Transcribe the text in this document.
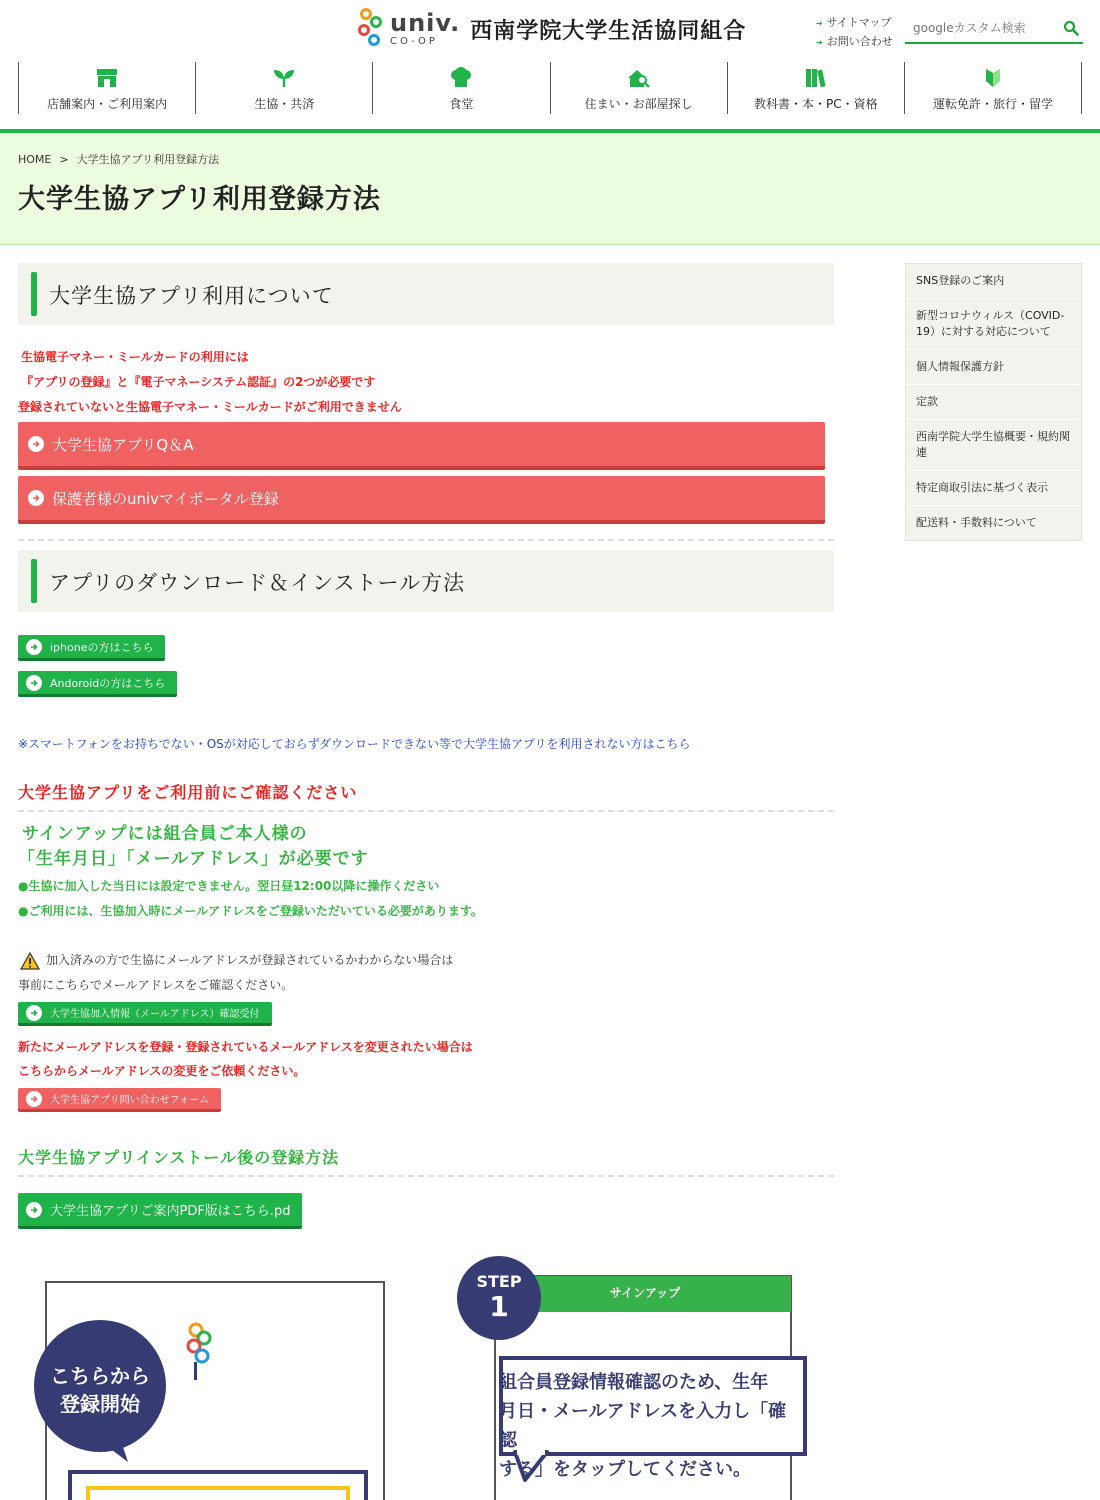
univ.
CO-OP	西南学院大学生活協同組合
➔	サイトマップ
➔ お問い合わせ
googleカスタム検索
店舗案内・ご利用案内	生協・共済	食堂	住まい・お部屋探し	教科書・本・PC・資格	運転免許・旅行・留学
HOME > 大学生協アプリ利用登録方法
大学生協アプリ利用登録方法
大学生協アプリ利用について
生協電子マネー・ミールカードの利用には
『アプリの登録』と『電子マネーシステム認証』の2つが必要です
登録されていないと生協電子マネー・ミールカードがご利用できません
大学生協アプリQ＆A
保護者様のunivマイポータル登録
アプリのダウンロード＆インストール方法
iphoneの方はこちら
Andoroidの方はこちら
※スマートフォンをお持ちでない・OSが対応しておらずダウンロードできない等で大学生協アプリを利用されない方はこちら
大学生協アプリをご利用前にご確認ください
サインアップには組合員ご本人様の
「生年月日」「メールアドレス」が必要です
●生協に加入した当日には設定できません。翌日昼12:00以降に操作ください
●ご利用には、生協加入時にメールアドレスをご登録いただいている必要があります。
加入済みの方で生協にメールアドレスが登録されているかわからない場合は
事前にこちらでメールアドレスをご確認ください。
大学生協加入情報（メールアドレス）確認受付
新たにメールアドレスを登録・登録されているメールアドレスを変更されたい場合は
こちらからメールアドレスの変更をご依頼ください。
大学生協アプリ問い合わせフォーム
大学生協アプリインストール後の登録方法
大学生協アプリご案内PDF版はこちら.pd
こちらから
登録開始
STEP
1	サインアップ
組合員登録情報確認のため、生年
月日・メールアドレスを入力し「確認
する」をタップしてください。
SNS登録のご案内
新型コロナウィルス（COVID-19）に対する対応について
個人情報保護方針
定款
西南学院大学生協概要・規約関連
特定商取引法に基づく表示
配送料・手数料について
